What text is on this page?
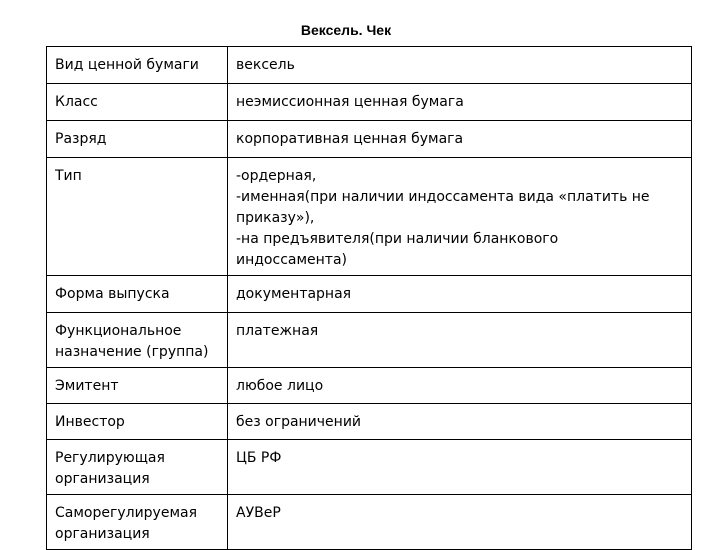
Вексель. Чек
Вид ценной бумаги	вексель

Класс	неэмиссионная ценная бумага

Разряд	корпоративная ценная бумага

Тип	-ордерная,
-именная(при наличии индоссамента вида «платить не
приказу»),
-на предъявителя(при наличии бланкового
индоссамента)

Форма выпуска	документарная

Функциональное
назначение (группа)	платежная

Эмитент	любое лицо

Инвестор	без ограничений

Регулирующая
организация	ЦБ РФ

Саморегулируемая
организация	АУВеР
